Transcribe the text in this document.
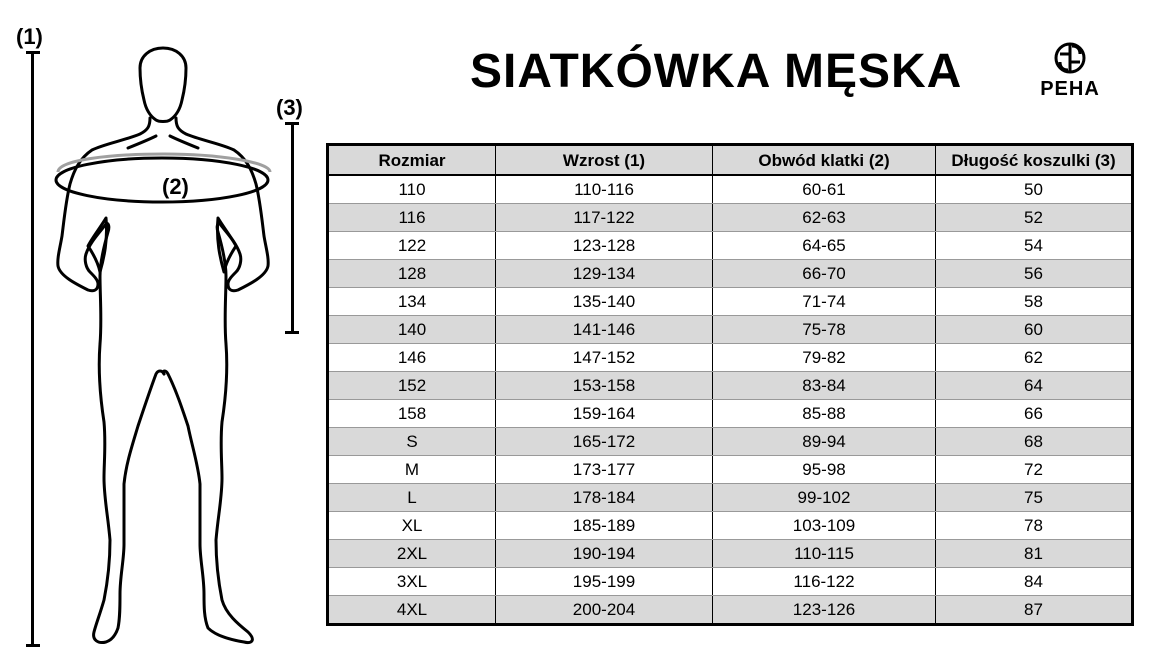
(1)
(3)
(2)
SIATKÓWKA MĘSKA	PEHA
Rozmiar	Wzrost (1)	Obwód klatki (2)	Długość koszulki (3)
110	110-116	60-61	50
116	117-122	62-63	52
122	123-128	64-65	54
128	129-134	66-70	56
134	135-140	71-74	58
140	141-146	75-78	60
146	147-152	79-82	62
152	153-158	83-84	64
158	159-164	85-88	66
S	165-172	89-94	68
M	173-177	95-98	72
L	178-184	99-102	75
XL	185-189	103-109	78
2XL	190-194	110-115	81
3XL	195-199	116-122	84
4XL	200-204	123-126	87
